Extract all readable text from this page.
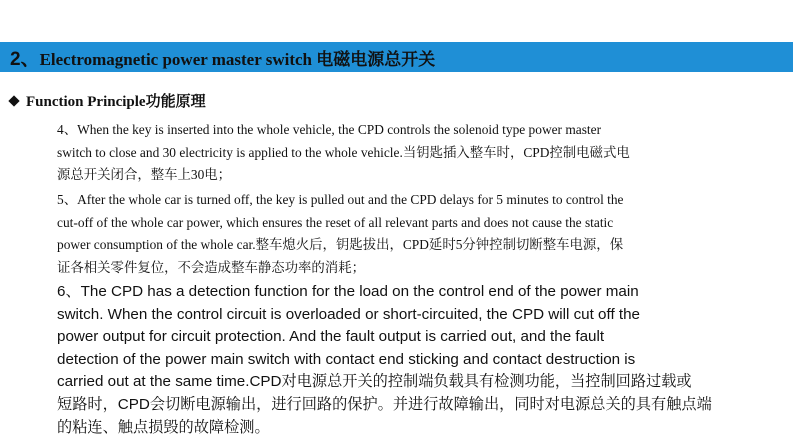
2、Electromagnetic power master switch 电磁电源总开关
Function Principle功能原理
4、When the key is inserted into the whole vehicle, the CPD controls the solenoid type power master
switch to close and 30 electricity is applied to the whole vehicle.当钥匙插入整车时，CPD控制电磁式电
源总开关闭合，整车上30电；
5、After the whole car is turned off, the key is pulled out and the CPD delays for 5 minutes to control the
cut-off of the whole car power, which ensures the reset of all relevant parts and does not cause the static
power consumption of the whole car.整车熄火后，钥匙拔出，CPD延时5分钟控制切断整车电源，保
证各相关零件复位，不会造成整车静态功率的消耗；
6、The CPD has a detection function for the load on the control end of the power main
switch. When the control circuit is overloaded or short-circuited, the CPD will cut off the
power output for circuit protection. And the fault output is carried out, and the fault
detection of the power main switch with contact end sticking and contact destruction is
carried out at the same time.CPD对电源总开关的控制端负载具有检测功能，当控制回路过载或
短路时，CPD会切断电源输出，进行回路的保护。并进行故障输出，同时对电源总关的具有触点端
的粘连、触点损毁的故障检测。
